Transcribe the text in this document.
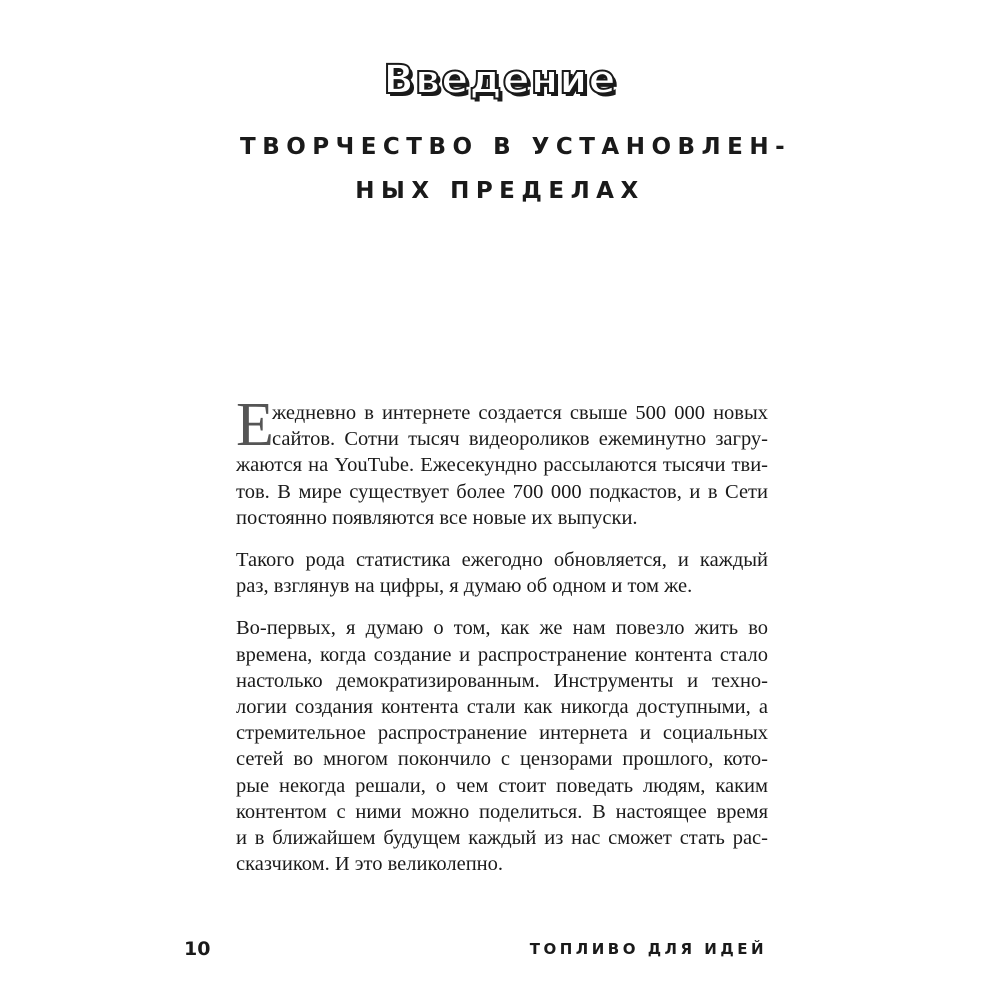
Введение
ТВОРЧЕСТВО В УСТАНОВЛЕН-
НЫХ ПРЕДЕЛАХ
Е
жедневно в интернете создается свыше 500 000 новых
сайтов. Сотни тысяч видеороликов ежеминутно загру-
жаются на YouTube. Ежесекундно рассылаются тысячи тви-
тов. В мире существует более 700 000 подкастов, и в Сети
постоянно появляются все новые их выпуски.
Такого рода статистика ежегодно обновляется, и каждый
раз, взглянув на цифры, я думаю об одном и том же.
Во-первых, я думаю о том, как же нам повезло жить во
времена, когда создание и распространение контента стало
настолько демократизированным. Инструменты и техно-
логии создания контента стали как никогда доступными, а
стремительное распространение интернета и социальных
сетей во многом покончило с цензорами прошлого, кото-
рые некогда решали, о чем стоит поведать людям, каким
контентом с ними можно поделиться. В настоящее время
и в ближайшем будущем каждый из нас сможет стать рас-
сказчиком. И это великолепно.
10	ТОПЛИВО ДЛЯ ИДЕЙ
